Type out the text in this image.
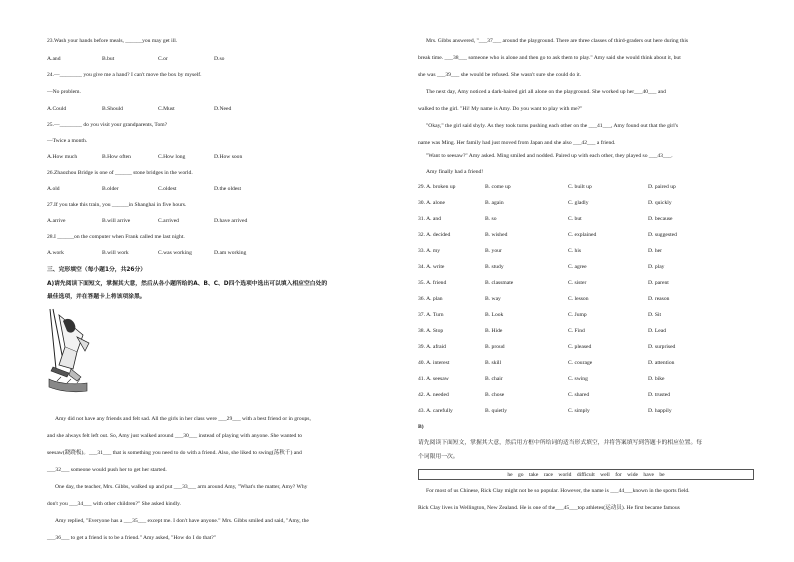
23.Wash your hands before meals, ______you may get ill.
A.and	B.but	C.or	D.so
24.—________ you give me a hand? I can't move the box by myself.
—No problem.
A.Could	B.Should	C.Must	D.Need
25.—________ do you visit your grandparents, Tom?
—Twice a month.
A.How much	B.How often	C.How long	D.How soon
26.Zhaozhou Bridge is one of ______ stone bridges in the world.
A.old	B.older	C.oldest	D.the oldest
27.If you take this train, you ______in Shanghai in five hours.
A.arrive	B.will arrive	C.arrived	D.have arrived
28.I ______on the computer when Frank called me last night.
A.work	B.will work	C.was working	D.am working
三、完形填空（每小题1分，共26分）
A)请先阅读下面短文，掌握其大意，然后从各小题所给的A、B、C、D四个选项中选出可以填入相应空白处的
最佳选项，并在答题卡上将该项涂黑。
Amy did not have any friends and felt sad. All the girls in her class were ___29___ with a best friend or in groups,
and she always felt left out. So, Amy just walked around ___30___ instead of playing with anyone. She wanted to
seesaw(跷跷板)。___31___ that is something you need to do with a friend. Also, she liked to swing(荡秋千) and
___32___ someone would push her to get her started.
One day, the teacher, Mrs. Gibbs, walked up and put ___33___ arm around Amy, "What's the matter, Amy? Why
don't you ___34___ with other children?" She asked kindly.
Amy replied, "Everyone has a ___35___ except me. I don't have anyone." Mrs. Gibbs smiled and said, "Amy, the
___36___ to get a friend is to be a friend." Amy asked, "How do I do that?"
Mrs. Gibbs answered, "___37___ around the playground. There are three classes of third-graders out here during this
break time. ___38___ someone who is alone and then go to ask them to play." Amy said she would think about it, but
she was ___39___ she would be refused. She wasn't sure she could do it.
The next day, Amy noticed a dark-haired girl all alone on the playground. She worked up her___40___ and
walked to the girl. "Hi! My name is Amy. Do you want to play with me?"
"Okay," the girl said shyly. As they took turns pushing each other on the ___41___, Amy found out that the girl's
name was Ming. Her family had just moved from Japan and she also ___42___ a friend.
"Want to seesaw?" Amy asked. Ming smiled and nodded. Paired up with each other, they played so ___43___.
Amy finally had a friend!
29. A. broken up	B. come up	C. built up	D. paired up
30. A. alone	B. again	C. gladly	D. quickly
31. A. and	B. so	C. but	D. because
32. A. decided	B. wished	C. explained	D. suggested
33. A. my	B. your	C. his	D. her
34. A. write	B. study	C. agree	D. play
35. A. friend	B. classmate	C. sister	D. parent
36. A. plan	B. way	C. lesson	D. reason
37. A. Turn	B. Look	C. Jump	D. Sit
38. A. Stop	B. Hide	C. Find	D. Lead
39. A. afraid	B. proud	C. pleased	D. surprised
40. A. interest	B. skill	C. courage	D. attention
41. A. seesaw	B. chair	C. swing	D. bike
42. A. needed	B. chose	C. shared	D. trusted
43. A. carefully	B. quietly	C. simply	D. happily
B)
请先阅读下面短文，掌握其大意，然后用方框中所给词的适当形式填空，并将答案填写到答题卡的相应位置。每
个词限用一次。
he go take race world difficult well for wide have be
For most of us Chinese, Rick Clay might not be so popular. However, the name is ___44___known in the sports field.
Rick Clay lives in Wellington, New Zealand. He is one of the___45___top athletes(运动员). He first became famous
